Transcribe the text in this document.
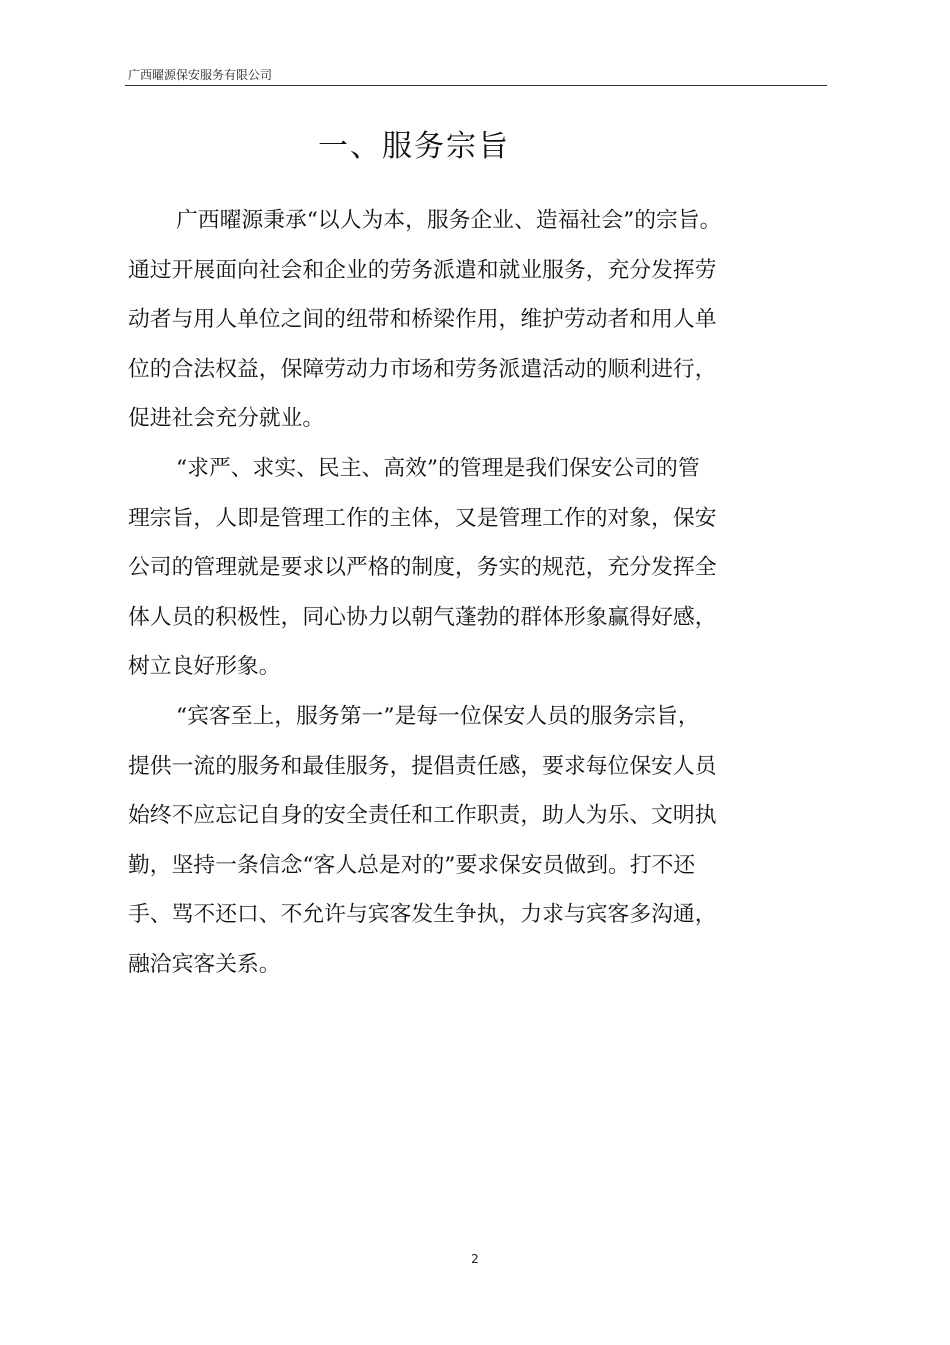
广西曜源保安服务有限公司
一、服务宗旨
广西曜源秉承“以人为本，服务企业、造福社会”的宗旨。
通过开展面向社会和企业的劳务派遣和就业服务，充分发挥劳
动者与用人单位之间的纽带和桥梁作用，维护劳动者和用人单
位的合法权益，保障劳动力市场和劳务派遣活动的顺利进行，
促进社会充分就业。
“求严、求实、民主、高效”的管理是我们保安公司的管
理宗旨，人即是管理工作的主体，又是管理工作的对象，保安
公司的管理就是要求以严格的制度，务实的规范，充分发挥全
体人员的积极性，同心协力以朝气蓬勃的群体形象赢得好感，
树立良好形象。
“宾客至上，服务第一”是每一位保安人员的服务宗旨，
提供一流的服务和最佳服务，提倡责任感，要求每位保安人员
始终不应忘记自身的安全责任和工作职责，助人为乐、文明执
勤，坚持一条信念“客人总是对的”要求保安员做到。打不还
手、骂不还口、不允许与宾客发生争执，力求与宾客多沟通，
融洽宾客关系。
2
